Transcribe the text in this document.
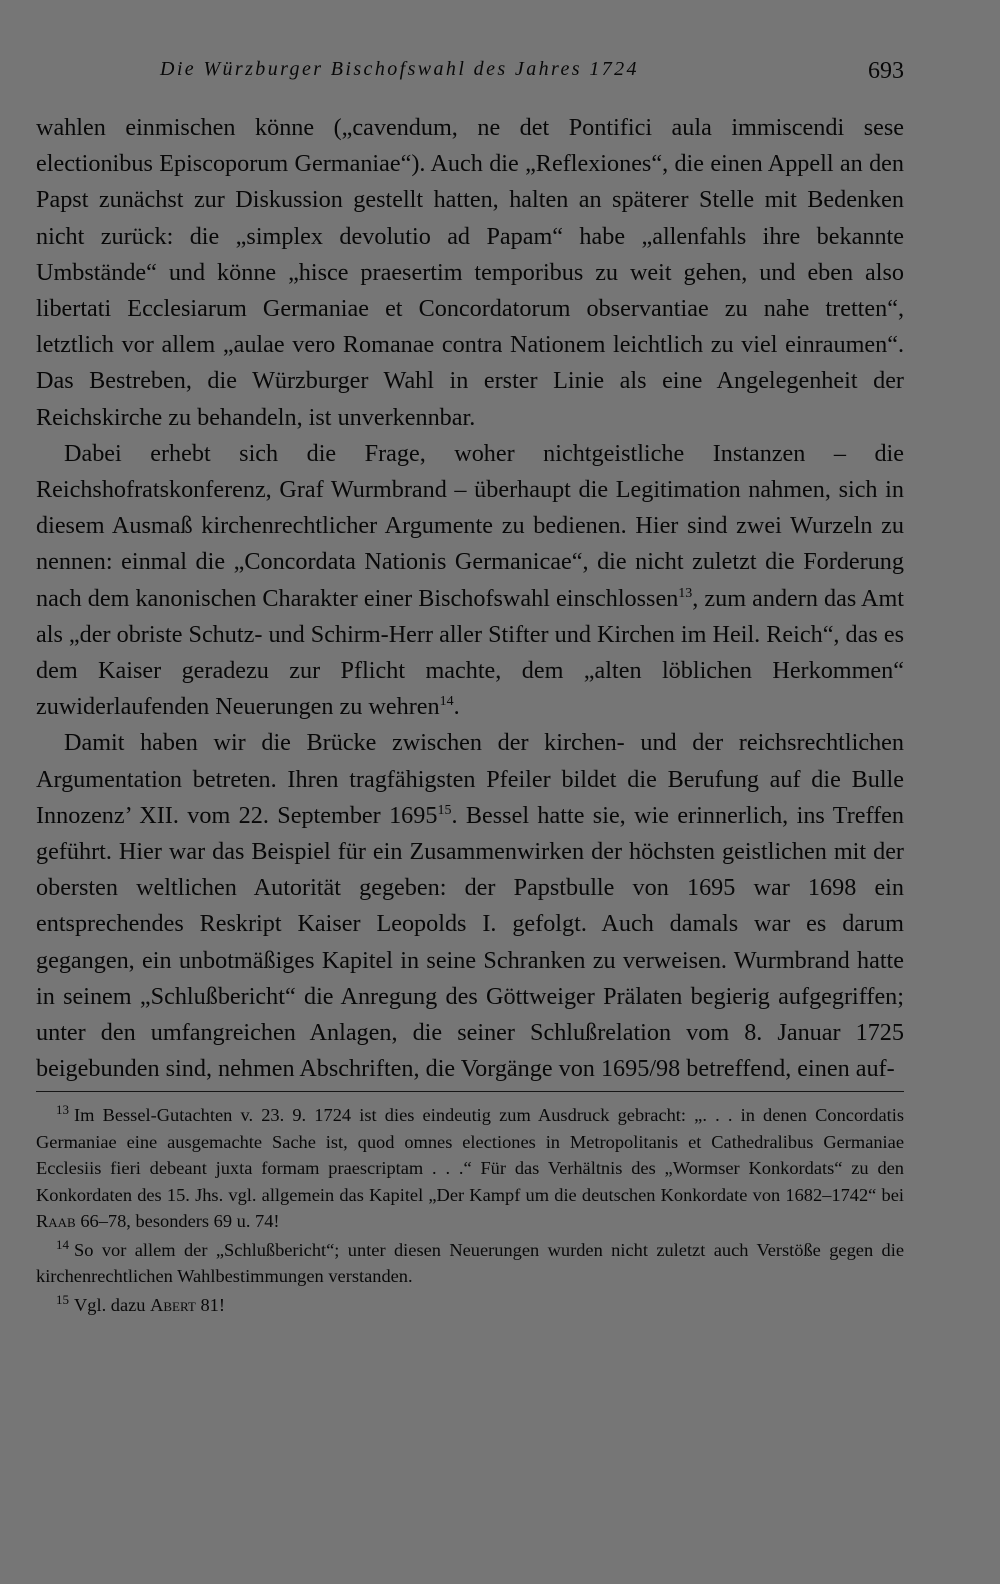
Die Würzburger Bischofswahl des Jahres 1724	693

wahlen einmischen könne („cavendum, ne det Pontifici aula immiscendi sese electionibus Episcoporum Germaniae“). Auch die „Reflexiones“, die einen Appell an den Papst zunächst zur Diskussion gestellt hatten, halten an späterer Stelle mit Bedenken nicht zurück: die „simplex devolutio ad Papam“ habe „allenfahls ihre bekannte Umbstände“ und könne „hisce praesertim temporibus zu weit gehen, und eben also libertati Ecclesiarum Germaniae et Concordatorum observantiae zu nahe tretten“, letztlich vor allem „aulae vero Romanae contra Nationem leichtlich zu viel einraumen“. Das Bestreben, die Würzburger Wahl in erster Linie als eine Angelegenheit der Reichskirche zu behandeln, ist unverkennbar.

Dabei erhebt sich die Frage, woher nichtgeistliche Instanzen – die Reichshofratskonferenz, Graf Wurmbrand – überhaupt die Legitimation nahmen, sich in diesem Ausmaß kirchenrechtlicher Argumente zu bedienen. Hier sind zwei Wurzeln zu nennen: einmal die „Concordata Nationis Germanicae“, die nicht zuletzt die Forderung nach dem kanonischen Charakter einer Bischofswahl einschlossen$^{13}$, zum andern das Amt als „der obriste Schutz- und Schirm-Herr aller Stifter und Kirchen im Heil. Reich“, das es dem Kaiser geradezu zur Pflicht machte, dem „alten löblichen Herkommen“ zuwiderlaufenden Neuerungen zu wehren$^{14}$.

Damit haben wir die Brücke zwischen der kirchen- und der reichsrechtlichen Argumentation betreten. Ihren tragfähigsten Pfeiler bildet die Berufung auf die Bulle Innozenz’ XII. vom 22. September 1695$^{15}$. Bessel hatte sie, wie erinnerlich, ins Treffen geführt. Hier war das Beispiel für ein Zusammenwirken der höchsten geistlichen mit der obersten weltlichen Autorität gegeben: der Papstbulle von 1695 war 1698 ein entsprechendes Reskript Kaiser Leopolds I. gefolgt. Auch damals war es darum gegangen, ein unbotmäßiges Kapitel in seine Schranken zu verweisen. Wurmbrand hatte in seinem „Schlußbericht“ die Anregung des Göttweiger Prälaten begierig aufgegriffen; unter den umfangreichen Anlagen, die seiner Schlußrelation vom 8. Januar 1725 beigebunden sind, nehmen Abschriften, die Vorgänge von 1695/98 betreffend, einen auf-

$^{13}$ Im Bessel-Gutachten v. 23. 9. 1724 ist dies eindeutig zum Ausdruck gebracht: „. . . in denen Concordatis Germaniae eine ausgemachte Sache ist, quod omnes electiones in Metropolitanis et Cathedralibus Germaniae Ecclesiis fieri debeant juxta formam praescriptam . . .“ Für das Verhältnis des „Wormser Konkordats“ zu den Konkordaten des 15. Jhs. vgl. allgemein das Kapitel „Der Kampf um die deutschen Konkordate von 1682–1742“ bei Raab 66–78, besonders 69 u. 74!

$^{14}$ So vor allem der „Schlußbericht“; unter diesen Neuerungen wurden nicht zuletzt auch Verstöße gegen die kirchenrechtlichen Wahlbestimmungen verstanden.

$^{15}$ Vgl. dazu Abert 81!
